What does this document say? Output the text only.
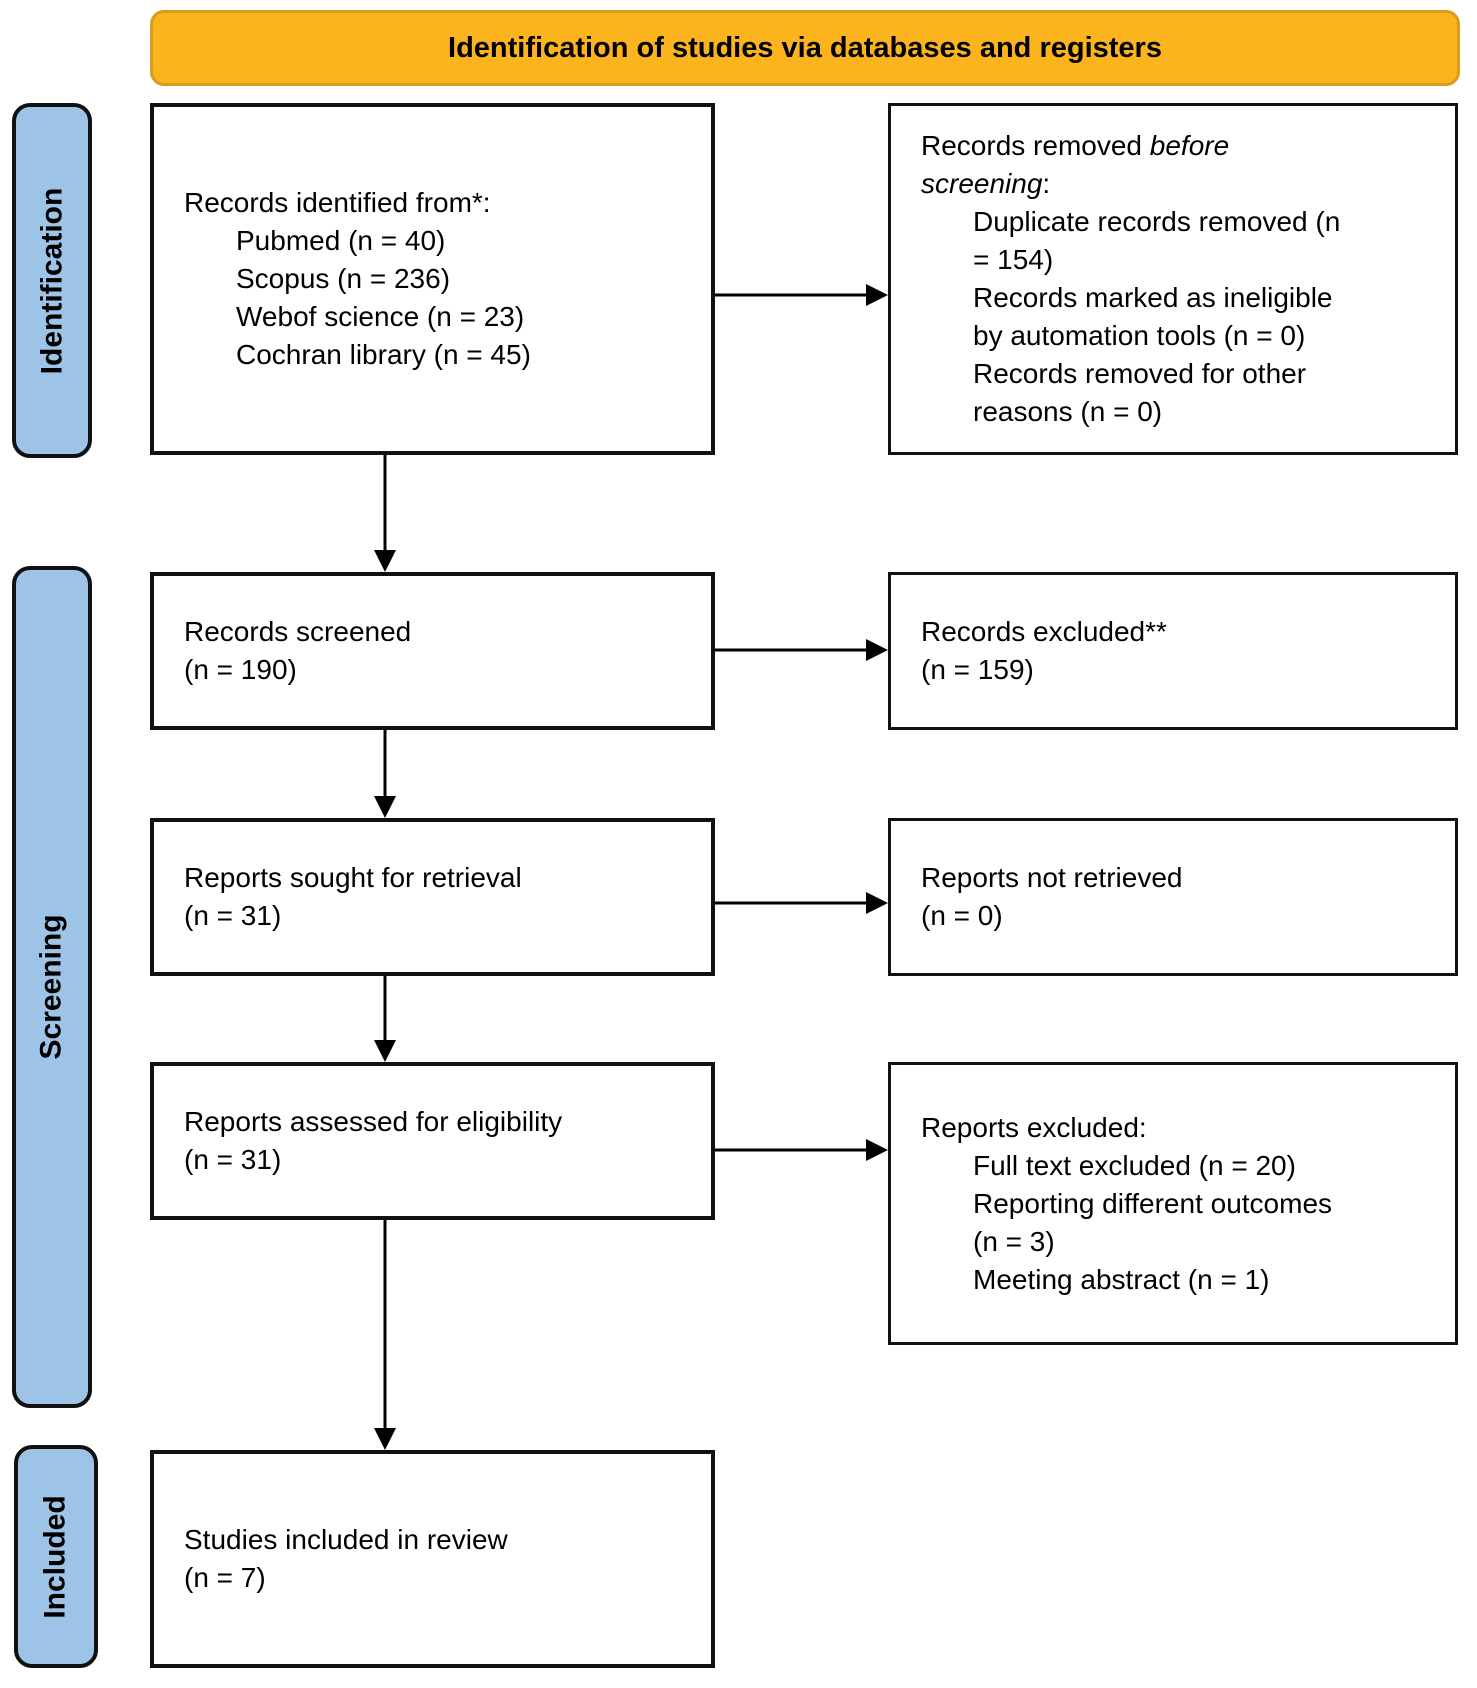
Identification of studies via databases and registers
Identification
Screening
Included
Records identified from*:
Pubmed (n = 40)
Scopus (n = 236)
Webof science (n = 23)
Cochran library (n = 45)
Records removed before
screening:
Duplicate records removed (n
= 154)
Records marked as ineligible
by automation tools (n = 0)
Records removed for other
reasons (n = 0)
Records screened
(n = 190)
Records excluded**
(n = 159)
Reports sought for retrieval
(n = 31)
Reports not retrieved
(n = 0)
Reports assessed for eligibility
(n = 31)
Reports excluded:
Full text excluded (n = 20)
Reporting different outcomes
(n = 3)
Meeting abstract (n = 1)
Studies included in review
(n = 7)
